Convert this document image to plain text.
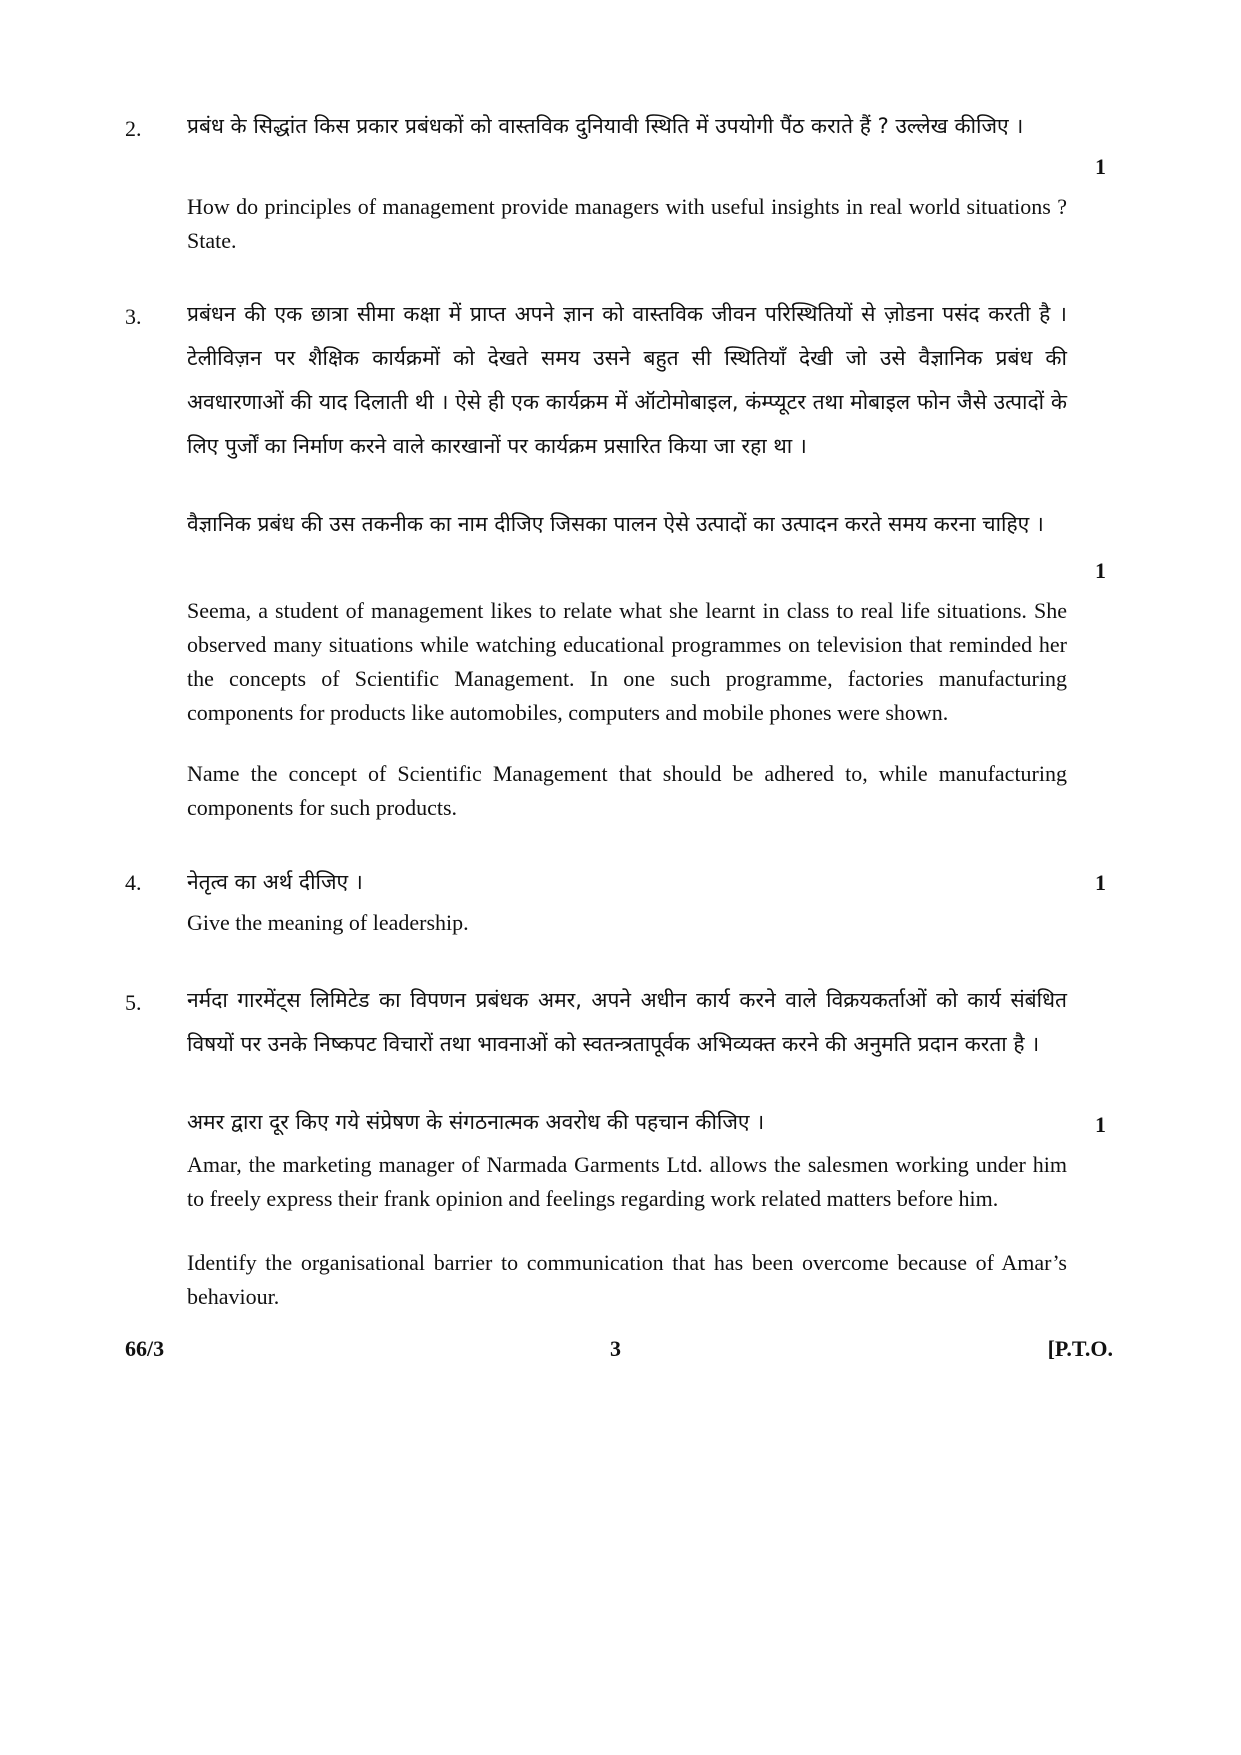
2. प्रबंध के सिद्धांत किस प्रकार प्रबंधकों को वास्तविक दुनियावी स्थिति में उपयोगी पैंठ कराते हैं ? उल्लेख कीजिए ।
1
How do principles of management provide managers with useful insights in real world situations ? State.
3. प्रबंधन की एक छात्रा सीमा कक्षा में प्राप्त अपने ज्ञान को वास्तविक जीवन परिस्थितियों से ज़ोडना पसंद करती है । टेलीविज़न पर शैक्षिक कार्यक्रमों को देखते समय उसने बहुत सी स्थितियाँ देखी जो उसे वैज्ञानिक प्रबंध की अवधारणाओं की याद दिलाती थी । ऐसे ही एक कार्यक्रम में ऑटोमोबाइल, कंम्प्यूटर तथा मोबाइल फोन जैसे उत्पादों के लिए पुर्जों का निर्माण करने वाले कारखानों पर कार्यक्रम प्रसारित किया जा रहा था ।
वैज्ञानिक प्रबंध की उस तकनीक का नाम दीजिए जिसका पालन ऐसे उत्पादों का उत्पादन करते समय करना चाहिए ।
1
Seema, a student of management likes to relate what she learnt in class to real life situations. She observed many situations while watching educational programmes on television that reminded her the concepts of Scientific Management. In one such programme, factories manufacturing components for products like automobiles, computers and mobile phones were shown.
Name the concept of Scientific Management that should be adhered to, while manufacturing components for such products.
4. नेतृत्व का अर्थ दीजिए ।	1
Give the meaning of leadership.
5. नर्मदा गारमेंट्स लिमिटेड का विपणन प्रबंधक अमर, अपने अधीन कार्य करने वाले विक्रयकर्ताओं को कार्य संबंधित विषयों पर उनके निष्कपट विचारों तथा भावनाओं को स्वतन्त्रतापूर्वक अभिव्यक्त करने की अनुमति प्रदान करता है ।
अमर द्वारा दूर किए गये संप्रेषण के संगठनात्मक अवरोध की पहचान कीजिए ।	1
Amar, the marketing manager of Narmada Garments Ltd. allows the salesmen working under him to freely express their frank opinion and feelings regarding work related matters before him.
Identify the organisational barrier to communication that has been overcome because of Amar’s behaviour.
66/3	3	[P.T.O.
